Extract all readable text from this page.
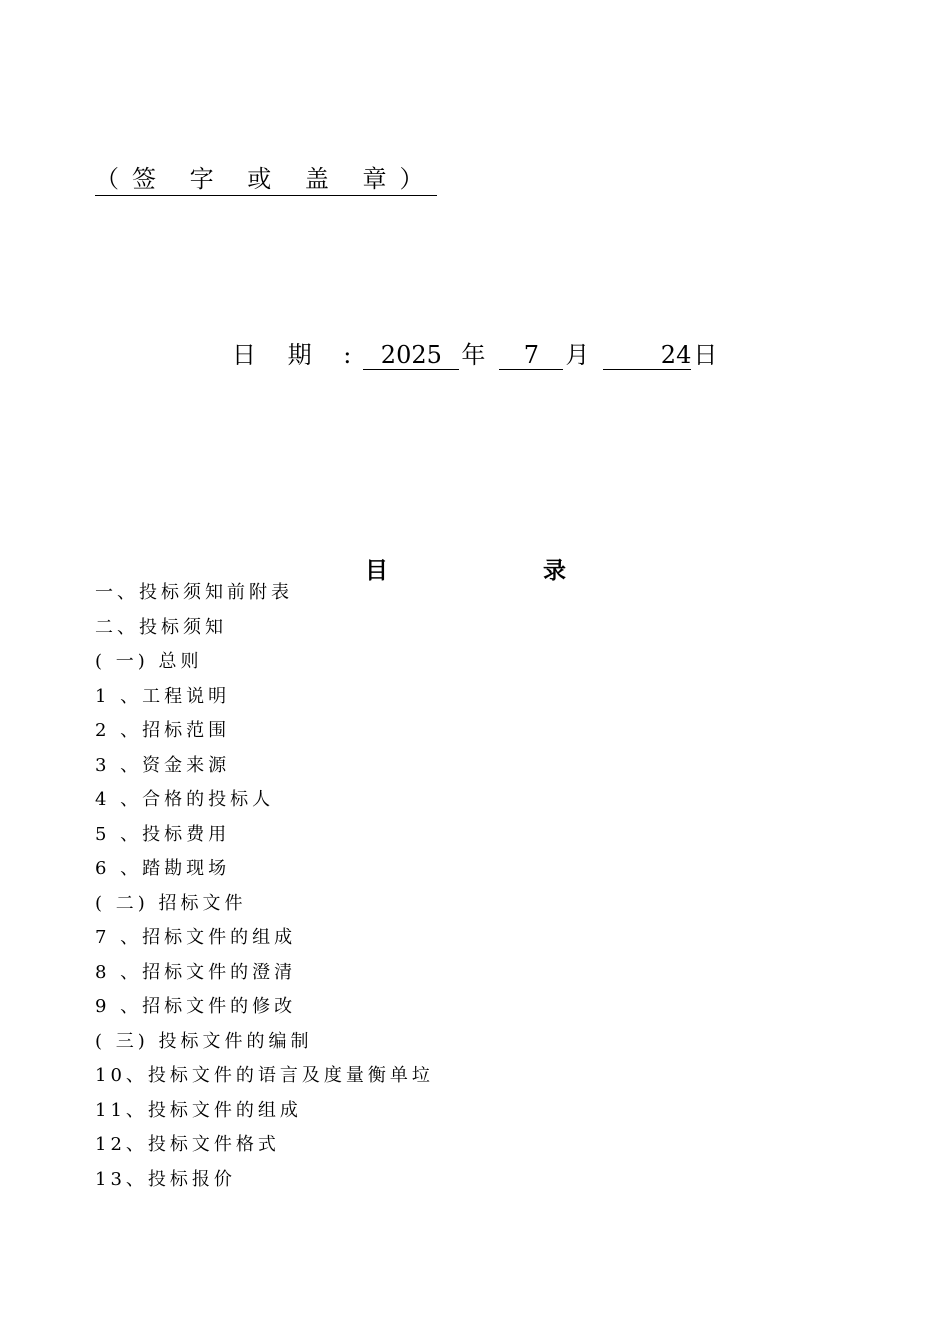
（签 字 或 盖 章）
日 期 : 2025 年 7 月	24日
目	录
一、投标须知前附表
二、投标须知
( 一) 总则
1 、工程说明
2 、招标范围
3 、资金来源
4 、合格的投标人
5 、投标费用
6 、踏勘现场
( 二) 招标文件
7 、招标文件的组成
8 、招标文件的澄清
9 、招标文件的修改
( 三) 投标文件的编制
10、投标文件的语言及度量衡单垃
11、投标文件的组成
12、投标文件格式
13、投标报价
